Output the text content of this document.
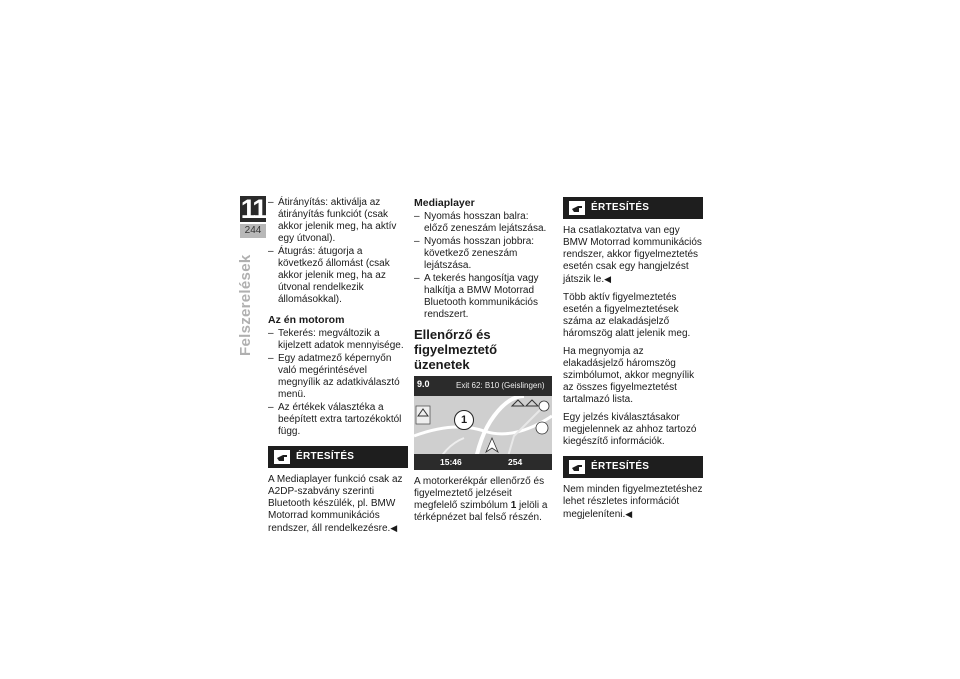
11
244
Felszerelések
– Átirányítás: aktiválja az átirányítás funkciót (csak akkor jelenik meg, ha aktív egy útvonal).
– Átugrás: átugorja a következő állomást (csak akkor jelenik meg, ha az útvonal rendelkezik állomásokkal).
Az én motorom
– Tekerés: megváltozik a kijelzett adatok mennyisége.
– Egy adatmező képernyőn való megérintésével megnyílik az adatkiválasztó menü.
– Az értékek választéka a beépített extra tartozékoktól függ.
ÉRTESÍTÉS

A Mediaplayer funkció csak az A2DP-szabvány szerinti Bluetooth készülék, pl. BMW Motorrad kommunikációs rendszer, áll rendelkezésre.◀

Mediaplayer
– Nyomás hosszan balra: előző zeneszám lejátszása.
– Nyomás hosszan jobbra: következő zeneszám lejátszása.
– A tekerés hangosítja vagy halkítja a BMW Motorrad Bluetooth kommunikációs rendszert.
Ellenőrző és figyelmeztető üzenetek
9.0	Exit 62: B10 (Geislingen)
1
15:46	254

A motorkerékpár ellenőrző és figyelmeztető jelzéseit megfelelő szimbólum 1 jelöli a térképnézet bal felső részén.

ÉRTESÍTÉS

Ha csatlakoztatva van egy BMW Motorrad kommunikációs rendszer, akkor figyelmeztetés esetén csak egy hangjelzést játszik le.◀

Több aktív figyelmeztetés esetén a figyelmeztetések száma az elakadásjelző háromszög alatt jelenik meg.

Ha megnyomja az elakadásjelző háromszög szimbólumot, akkor megnyílik az összes figyelmeztetést tartalmazó lista.

Egy jelzés kiválasztásakor megjelennek az ahhoz tartozó kiegészítő információk.

ÉRTESÍTÉS

Nem minden figyelmeztetéshez lehet részletes információt megjeleníteni.◀
